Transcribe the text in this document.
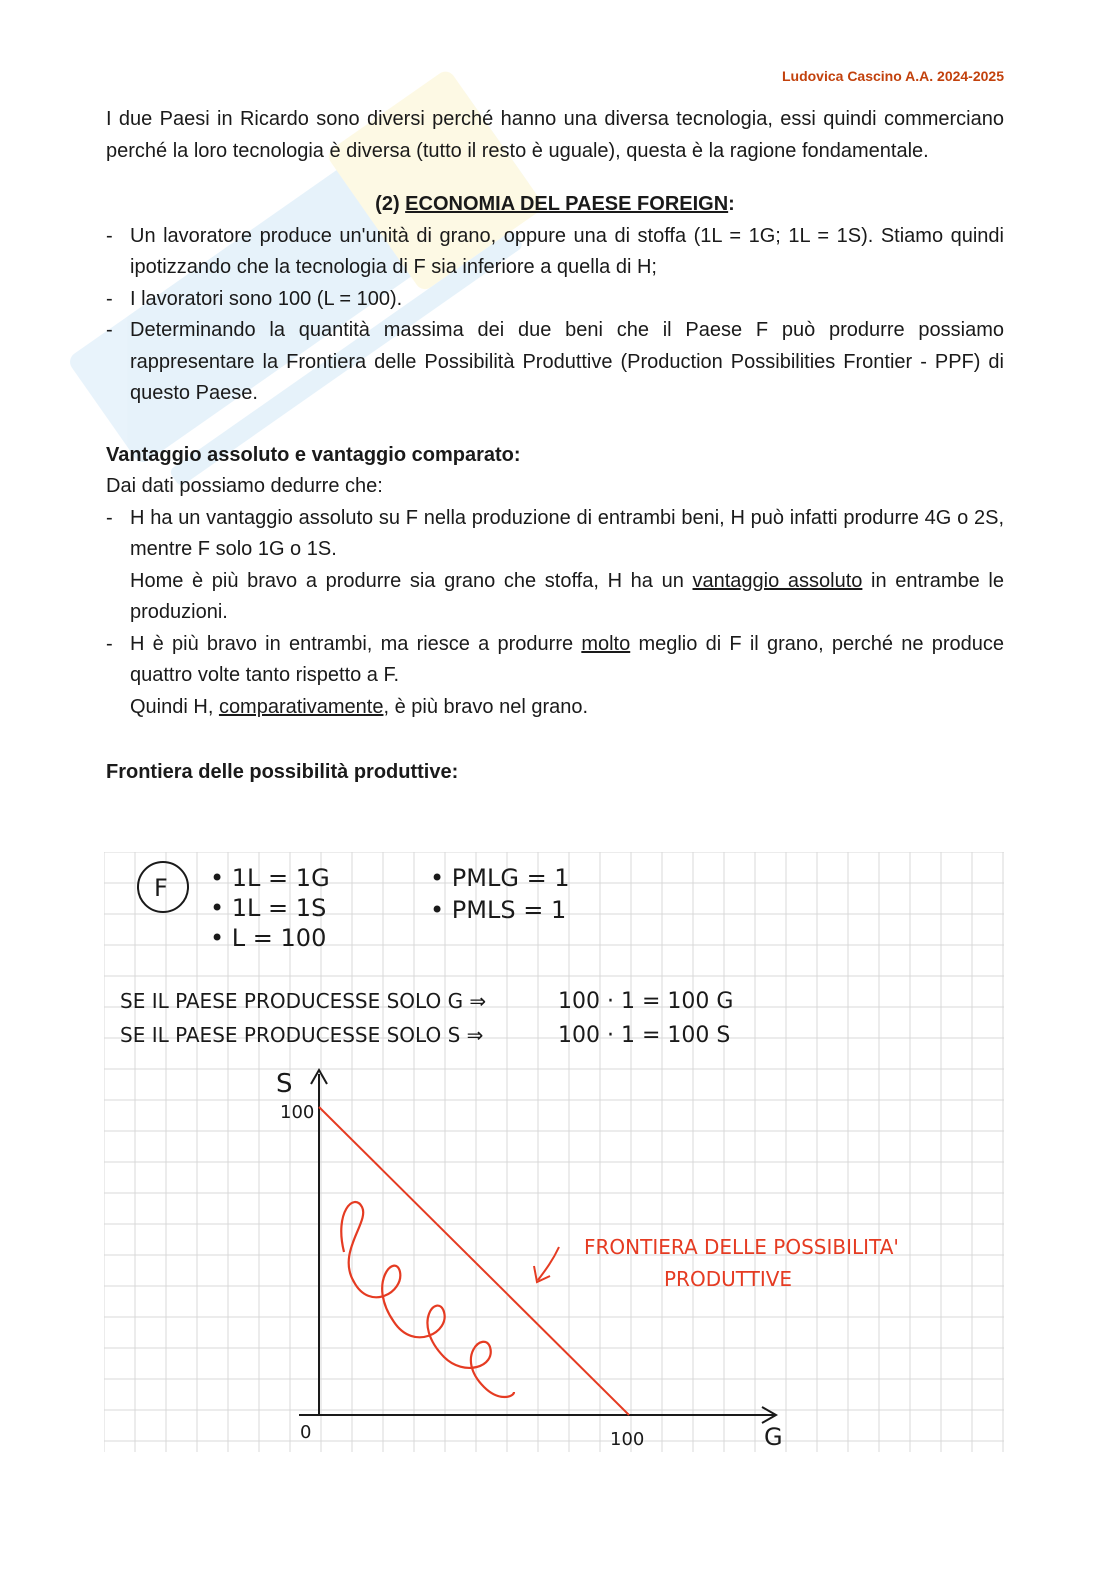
Ludovica Cascino A.A. 2024-2025

I due Paesi in Ricardo sono diversi perché hanno una diversa tecnologia, essi quindi commerciano perché la loro tecnologia è diversa (tutto il resto è uguale), questa è la ragione fondamentale.

(2) ECONOMIA DEL PAESE FOREIGN:

- Un lavoratore produce un'unità di grano, oppure una di stoffa (1L = 1G; 1L = 1S). Stiamo quindi ipotizzando che la tecnologia di F sia inferiore a quella di H;
- I lavoratori sono 100 (L = 100).
- Determinando la quantità massima dei due beni che il Paese F può produrre possiamo rappresentare la Frontiera delle Possibilità Produttive (Production Possibilities Frontier - PPF) di questo Paese.

Vantaggio assoluto e vantaggio comparato:

Dai dati possiamo dedurre che:

- H ha un vantaggio assoluto su F nella produzione di entrambi beni, H può infatti produrre 4G o 2S, mentre F solo 1G o 1S.
Home è più bravo a produrre sia grano che stoffa, H ha un vantaggio assoluto in entrambe le produzioni.
- H è più bravo in entrambi, ma riesce a produrre molto meglio di F il grano, perché ne produce quattro volte tanto rispetto a F.
Quindi H, comparativamente, è più bravo nel grano.

Frontiera delle possibilità produttive:

F • 1L = 1G
• 1L = 1S
• L = 100
• PMLG = 1
• PMLS = 1
SE IL PAESE PRODUCESSE SOLO G ⇒	100 · 1 = 100 G
SE IL PAESE PRODUCESSE SOLO S ⇒	100 · 1 = 100 S
S
G
0
100
100
FRONTIERA DELLE POSSIBILITA'
PRODUTTIVE
